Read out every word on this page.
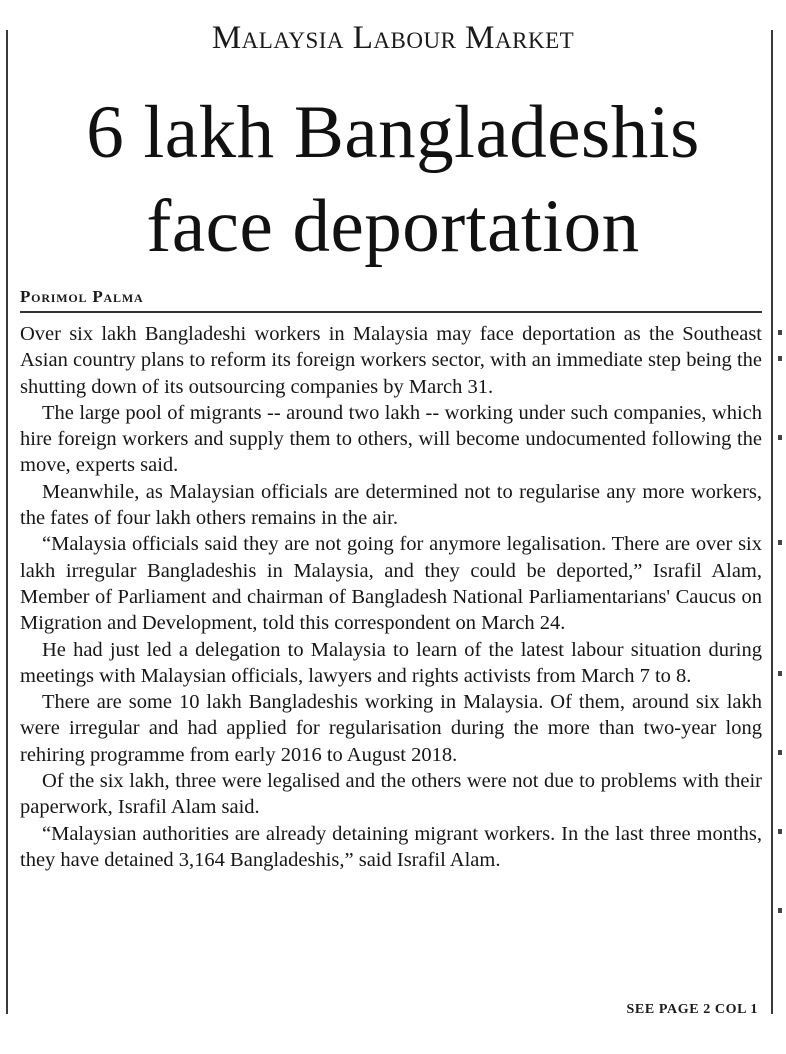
Malaysia Labour Market
6 lakh Bangladeshis
face deportation
Porimol Palma

Over six lakh Bangladeshi workers in Malaysia may face deportation as the Southeast Asian country plans to reform its foreign workers sector, with an immediate step being the shutting down of its outsourcing companies by March 31.

The large pool of migrants -- around two lakh -- working under such companies, which hire foreign workers and supply them to others, will become undocumented following the move, experts said.

Meanwhile, as Malaysian officials are determined not to regularise any more workers, the fates of four lakh others remains in the air.

“Malaysia officials said they are not going for anymore legalisation. There are over six lakh irregular Bangladeshis in Malaysia, and they could be deported,” Israfil Alam, Member of Parliament and chairman of Bangladesh National Parliamentarians' Caucus on Migration and Development, told this correspondent on March 24.

He had just led a delegation to Malaysia to learn of the latest labour situation during meetings with Malaysian officials, lawyers and rights activists from March 7 to 8.

There are some 10 lakh Bangladeshis working in Malaysia. Of them, around six lakh were irregular and had applied for regularisation during the more than two-year long rehiring programme from early 2016 to August 2018.

Of the six lakh, three were legalised and the others were not due to problems with their paperwork, Israfil Alam said.

“Malaysian authorities are already detaining migrant workers. In the last three months, they have detained 3,164 Bangladeshis,” said Israfil Alam.

SEE PAGE 2 COL 1
